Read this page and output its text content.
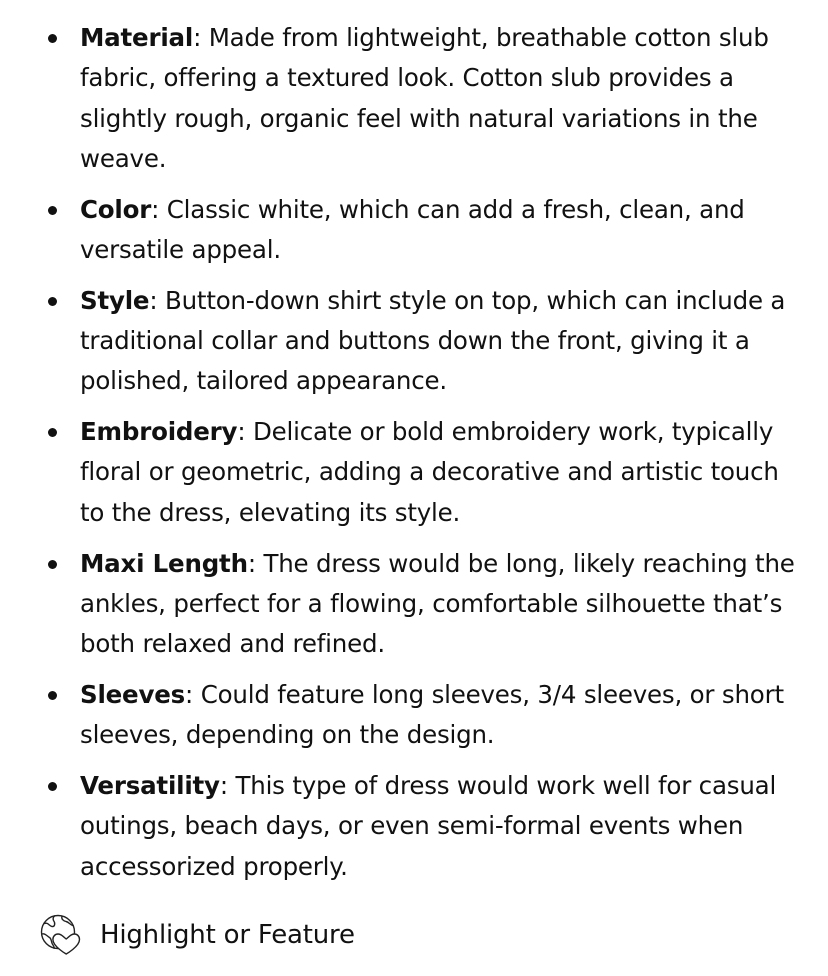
Material: Made from lightweight, breathable cotton slub fabric, offering a textured look. Cotton slub provides a slightly rough, organic feel with natural variations in the weave.
Color: Classic white, which can add a fresh, clean, and versatile appeal.
Style: Button-down shirt style on top, which can include a traditional collar and buttons down the front, giving it a polished, tailored appearance.
Embroidery: Delicate or bold embroidery work, typically floral or geometric, adding a decorative and artistic touch to the dress, elevating its style.
Maxi Length: The dress would be long, likely reaching the ankles, perfect for a flowing, comfortable silhouette that’s both relaxed and refined.
Sleeves: Could feature long sleeves, 3/4 sleeves, or short sleeves, depending on the design.
Versatility: This type of dress would work well for casual outings, beach days, or even semi-formal events when accessorized properly.
Highlight or Feature
